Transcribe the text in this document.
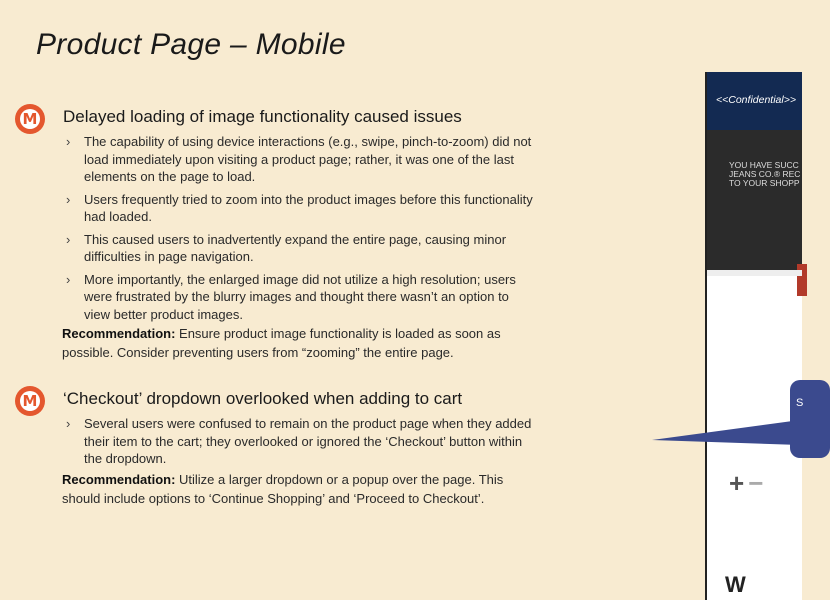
Product Page – Mobile
M Delayed loading of image functionality caused issues
› The capability of using device interactions (e.g., swipe, pinch-to-zoom) did not load immediately upon visiting a product page; rather, it was one of the last elements on the page to load.
› Users frequently tried to zoom into the product images before this functionality had loaded.
› This caused users to inadvertently expand the entire page, causing minor difficulties in page navigation.
› More importantly, the enlarged image did not utilize a high resolution; users were frustrated by the blurry images and thought there wasn’t an option to view better product images.
Recommendation: Ensure product image functionality is loaded as soon as possible. Consider preventing users from “zooming” the entire page.
M ‘Checkout’ dropdown overlooked when adding to cart
› Several users were confused to remain on the product page when they added their item to the cart; they overlooked or ignored the ‘Checkout’ button within the dropdown.
Recommendation: Utilize a larger dropdown or a popup over the page. This should include options to ‘Continue Shopping’ and ‘Proceed to Checkout’.
<<Confidential>>
YOU HAVE SUCC
JEANS CO.® REC
TO YOUR SHOPP
+ −
W
S
